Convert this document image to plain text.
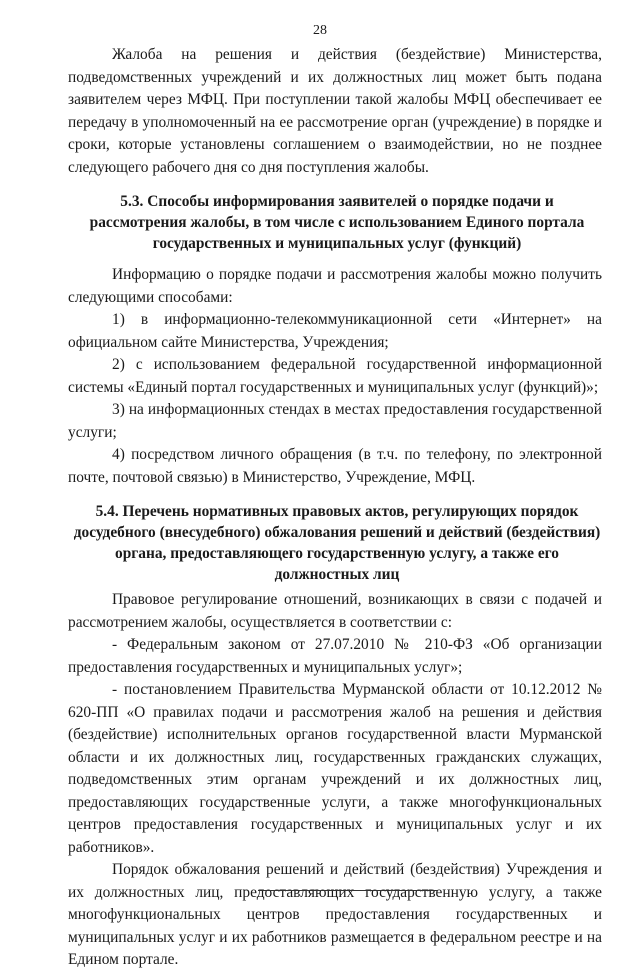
28

Жалоба на решения и действия (бездействие) Министерства, подведомственных учреждений и их должностных лиц может быть подана заявителем через МФЦ. При поступлении такой жалобы МФЦ обеспечивает ее передачу в уполномоченный на ее рассмотрение орган (учреждение) в порядке и сроки, которые установлены соглашением о взаимодействии, но не позднее следующего рабочего дня со дня поступления жалобы.

5.3. Способы информирования заявителей о порядке подачи и рассмотрения жалобы, в том числе с использованием Единого портала государственных и муниципальных услуг (функций)

Информацию о порядке подачи и рассмотрения жалобы можно получить следующими способами:

1) в информационно-телекоммуникационной сети «Интернет» на официальном сайте Министерства, Учреждения;

2) с использованием федеральной государственной информационной системы «Единый портал государственных и муниципальных услуг (функций)»;

3) на информационных стендах в местах предоставления государственной услуги;

4) посредством личного обращения (в т.ч. по телефону, по электронной почте, почтовой связью) в Министерство, Учреждение, МФЦ.

5.4. Перечень нормативных правовых актов, регулирующих порядок досудебного (внесудебного) обжалования решений и действий (бездействия) органа, предоставляющего государственную услугу, а также его должностных лиц

Правовое регулирование отношений, возникающих в связи с подачей и рассмотрением жалобы, осуществляется в соответствии с:

- Федеральным законом от 27.07.2010 № 210-ФЗ «Об организации предоставления государственных и муниципальных услуг»;

- постановлением Правительства Мурманской области от 10.12.2012 № 620-ПП «О правилах подачи и рассмотрения жалоб на решения и действия (бездействие) исполнительных органов государственной власти Мурманской области и их должностных лиц, государственных гражданских служащих, подведомственных этим органам учреждений и их должностных лиц, предоставляющих государственные услуги, а также многофункциональных центров предоставления государственных и муниципальных услуг и их работников».

Порядок обжалования решений и действий (бездействия) Учреждения и их должностных лиц, предоставляющих государственную услугу, а также многофункциональных центров предоставления государственных и муниципальных услуг и их работников размещается в федеральном реестре и на Едином портале.
